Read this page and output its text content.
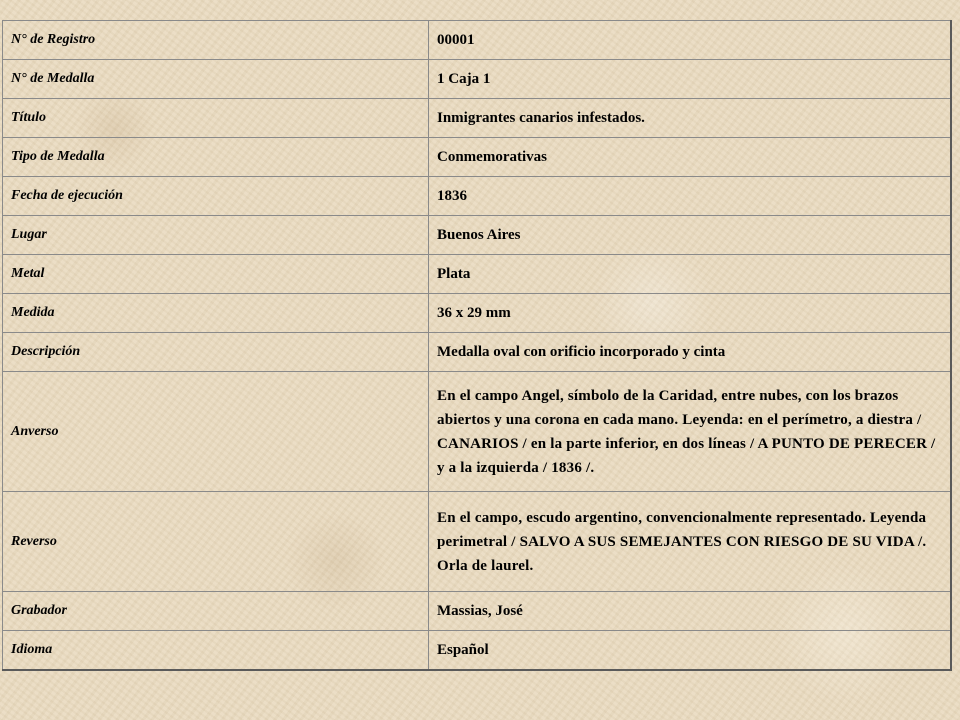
N° de Registro	00001
N° de Medalla	1 Caja 1
Título	Inmigrantes canarios infestados.
Tipo de Medalla	Conmemorativas
Fecha de ejecución	1836
Lugar	Buenos Aires
Metal	Plata
Medida	36 x 29 mm
Descripción	Medalla oval con orificio incorporado y cinta
Anverso	En el campo Angel, símbolo de la Caridad, entre nubes, con los brazos abiertos y una corona en cada mano. Leyenda: en el perímetro, a diestra / CANARIOS / en la parte inferior, en dos líneas / A PUNTO DE PERECER / y a la izquierda / 1836 /.
Reverso	En el campo, escudo argentino, convencionalmente representado. Leyenda perimetral / SALVO A SUS SEMEJANTES CON RIESGO DE SU VIDA /. Orla de laurel.
Grabador	Massias, José
Idioma	Español
